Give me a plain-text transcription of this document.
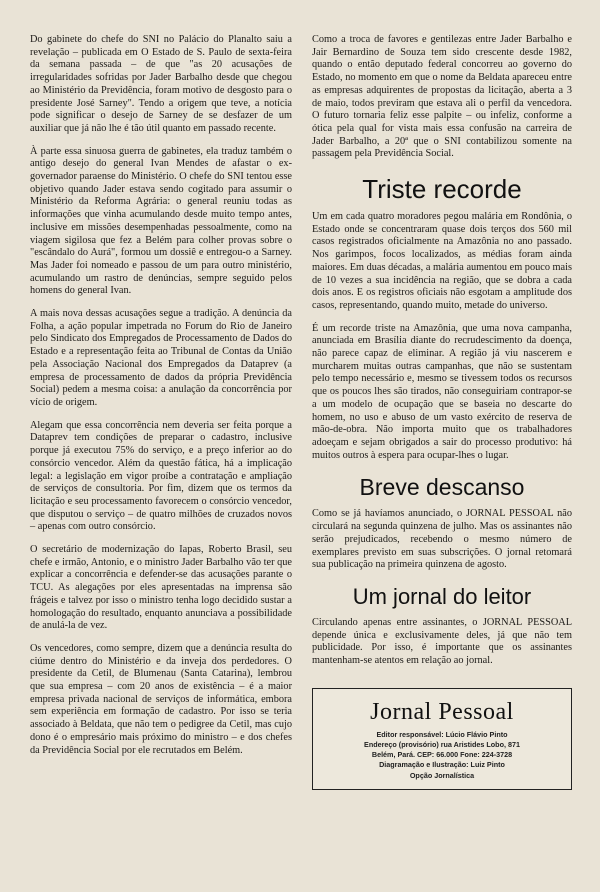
Do gabinete do chefe do SNI no Palácio do Planalto saiu a revelação – publicada em O Estado de S. Paulo de sexta-feira da semana passada – de que "as 20 acusações de irregularidades sofridas por Jader Barbalho desde que chegou ao Ministério da Previdência, foram motivo de desgosto para o presidente José Sarney". Tendo a origem que teve, a notícia pode significar o desejo de Sarney de se desfazer de um auxiliar que já não lhe é tão útil quanto em passado recente.

À parte essa sinuosa guerra de gabinetes, ela traduz também o antigo desejo do general Ivan Mendes de afastar o ex-governador paraense do Ministério. O chefe do SNI tentou esse objetivo quando Jader estava sendo cogitado para assumir o Ministério da Reforma Agrária: o general reuniu todas as informações que vinha acumulando desde muito tempo antes, inclusive em missões desempenhadas pessoalmente, como na viagem sigilosa que fez a Belém para colher provas sobre o "escândalo do Aurá", formou um dossiê e entregou-o a Sarney. Mas Jader foi nomeado e passou de um para outro ministério, acumulando um rastro de denúncias, sempre seguido pelos homens do general Ivan.

A mais nova dessas acusações segue a tradição. A denúncia da Folha, a ação popular impetrada no Forum do Rio de Janeiro pelo Sindicato dos Empregados de Processamento de Dados do Estado e a representação feita ao Tribunal de Contas da União pela Associação Nacional dos Empregados da Dataprev (a empresa de processamento de dados da própria Previdência Social) pedem a mesma coisa: a anulação da concorrência por vício de origem.

Alegam que essa concorrência nem deveria ser feita porque a Dataprev tem condições de preparar o cadastro, inclusive porque já executou 75% do serviço, e a preço inferior ao do consórcio vencedor. Além da questão fática, há a implicação legal: a legislação em vigor proíbe a contratação e ampliação de serviços de consultoria. Por fim, dizem que os termos da licitação e seu processamento favorecem o consórcio vencedor, que disputou o serviço – de quatro milhões de cruzados novos – apenas com outro consórcio.

O secretário de modernização do Iapas, Roberto Brasil, seu chefe e irmão, Antonio, e o ministro Jader Barbalho vão ter que explicar a concorrência e defender-se das acusações parante o TCU. As alegações por eles apresentadas na imprensa são frágeis e talvez por isso o ministro tenha logo decidido sustar a homologação do resultado, enquanto anunciava a possibilidade de anulá-la de vez.

Os vencedores, como sempre, dizem que a denúncia resulta do ciúme dentro do Ministério e da inveja dos perdedores. O presidente da Cetil, de Blumenau (Santa Catarina), lembrou que sua empresa – com 20 anos de existência – é a maior empresa privada nacional de serviços de informática, embora sem experiência em formação de cadastro. Por isso se teria associado à Beldata, que não tem o pedigree da Cetil, mas cujo dono é o empresário mais próximo do ministro – e dos chefes da Previdência Social por ele recrutados em Belém.

Como a troca de favores e gentilezas entre Jader Barbalho e Jair Bernardino de Souza tem sido crescente desde 1982, quando o então deputado federal concorreu ao governo do Estado, no momento em que o nome da Beldata apareceu entre as empresas adquirentes de propostas da licitação, aberta a 3 de maio, todos previram que estava ali o perfil da vencedora. O futuro tornaria feliz esse palpite – ou infeliz, conforme a ótica pela qual for vista mais essa confusão na carreira de Jader Barbalho, a 20ª que o SNI contabilizou somente na passagem pela Previdência Social.

Triste recorde

Um em cada quatro moradores pegou malária em Rondônia, o Estado onde se concentraram quase dois terços dos 560 mil casos registrados oficialmente na Amazônia no ano passado. Nos garimpos, focos localizados, as médias foram ainda maiores. Em duas décadas, a malária aumentou em pouco mais de 10 vezes a sua incidência na região, que se dobra a cada dois anos. E os registros oficiais não esgotam a amplitude dos casos, representando, quando muito, metade do universo.

É um recorde triste na Amazônia, que uma nova campanha, anunciada em Brasília diante do recrudescimento da doença, não parece capaz de eliminar. A região já viu nascerem e murcharem muitas outras campanhas, que não se sustentam pelo tempo necessário e, mesmo se tivessem todos os recursos que os poucos lhes são tirados, não conseguiriam contrapor-se a um modelo de ocupação que se baseia no descarte do homem, no uso e abuso de um vasto exército de reserva de mão-de-obra. Não importa muito que os trabalhadores adoeçam e sejam obrigados a sair do processo produtivo: há muitos outros à espera para ocupar-lhes o lugar.

Breve descanso

Como se já havíamos anunciado, o JORNAL PESSOAL não circulará na segunda quinzena de julho. Mas os assinantes não serão prejudicados, recebendo o mesmo número de exemplares previsto em suas subscrições. O jornal retomará sua publicação na primeira quinzena de agosto.

Um jornal do leitor

Circulando apenas entre assinantes, o JORNAL PESSOAL depende única e exclusivamente deles, já que não tem publicidade. Por isso, é importante que os assinantes mantenham-se atentos em relação ao jornal.

Jornal Pessoal
Editor responsável: Lúcio Flávio Pinto
Endereço (provisório) rua Aristides Lobo, 871
Belém, Pará. CEP: 66.000 Fone: 224-3728
Diagramação e Ilustração: Luiz Pinto
Opção Jornalística
